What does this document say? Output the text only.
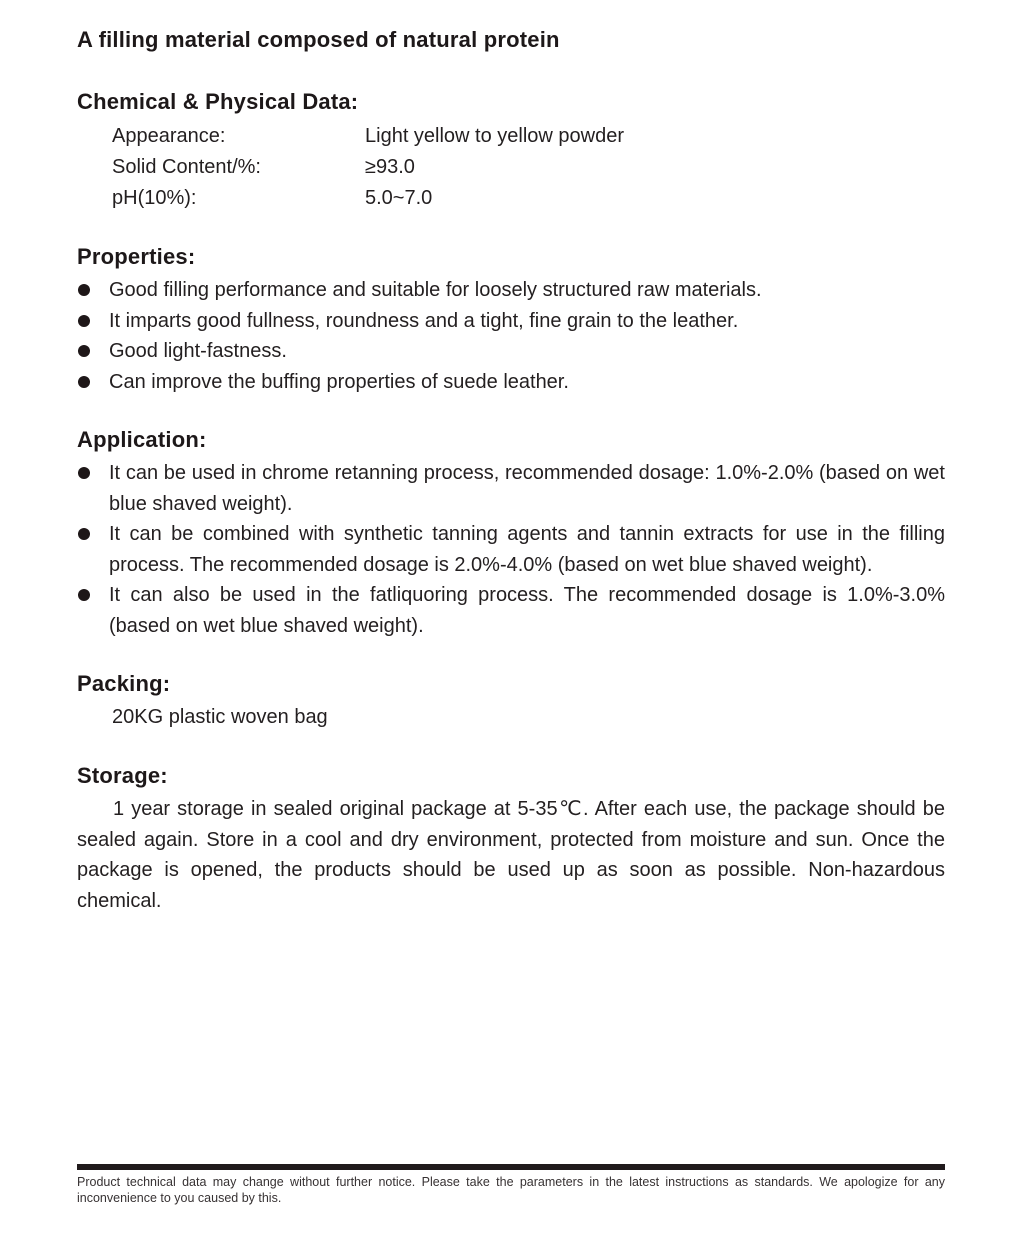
A filling material composed of natural protein
Chemical & Physical Data:
Appearance:	Light yellow to yellow powder
Solid Content/%:	≥93.0
pH(10%):	5.0~7.0
Properties:
Good filling performance and suitable for loosely structured raw materials.
It imparts good fullness, roundness and a tight, fine grain to the leather.
Good light-fastness.
Can improve the buffing properties of suede leather.
Application:
It can be used in chrome retanning process, recommended dosage: 1.0%-2.0% (based on wet blue shaved weight).
It can be combined with synthetic tanning agents and tannin extracts for use in the filling process. The recommended dosage is 2.0%-4.0% (based on wet blue shaved weight).
It can also be used in the fatliquoring process. The recommended dosage is 1.0%-3.0% (based on wet blue shaved weight).
Packing:

20KG plastic woven bag

Storage:

1 year storage in sealed original package at 5-35℃. After each use, the package should be sealed again. Store in a cool and dry environment, protected from moisture and sun. Once the package is opened, the products should be used up as soon as possible. Non-hazardous chemical.

Product technical data may change without further notice. Please take the parameters in the latest instructions as standards. We apologize for any inconvenience to you caused by this.
